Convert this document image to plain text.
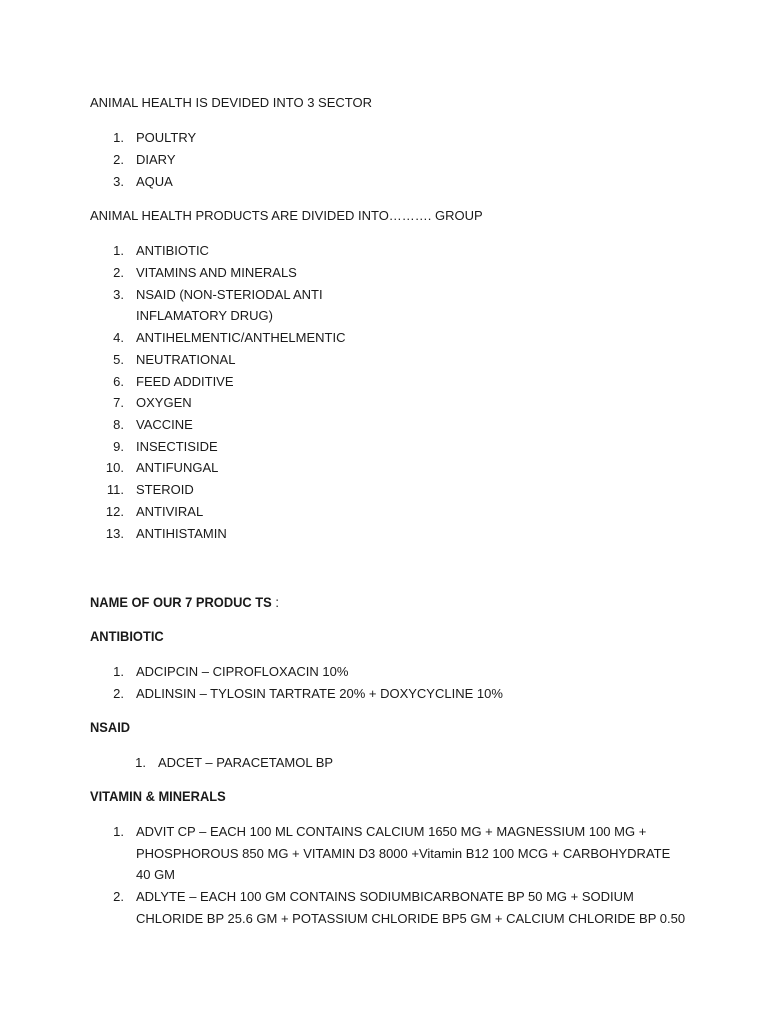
ANIMAL HEALTH IS DEVIDED INTO 3 SECTOR
1. POULTRY
2. DIARY
3. AQUA
ANIMAL HEALTH PRODUCTS ARE DIVIDED INTO………. GROUP
1. ANTIBIOTIC
2. VITAMINS AND MINERALS
3. NSAID (NON-STERIODAL ANTI
INFLAMATORY DRUG)
4. ANTIHELMENTIC/ANTHELMENTIC
5. NEUTRATIONAL
6. FEED ADDITIVE
7. OXYGEN
8. VACCINE
9. INSECTISIDE
10. ANTIFUNGAL
11. STEROID
12. ANTIVIRAL
13. ANTIHISTAMIN
NAME OF OUR 7 PRODUC TS :
ANTIBIOTIC
1. ADCIPCIN – CIPROFLOXACIN 10%
2. ADLINSIN – TYLOSIN TARTRATE 20% + DOXYCYCLINE 10%
NSAID
1. ADCET – PARACETAMOL BP
VITAMIN & MINERALS
1. ADVIT CP – EACH 100 ML CONTAINS CALCIUM 1650 MG + MAGNESSIUM 100 MG +
PHOSPHOROUS 850 MG + VITAMIN D3 8000 +Vitamin B12 100 MCG + CARBOHYDRATE
40 GM
2. ADLYTE – EACH 100 GM CONTAINS SODIUMBICARBONATE BP 50 MG + SODIUM
CHLORIDE BP 25.6 GM + POTASSIUM CHLORIDE BP5 GM + CALCIUM CHLORIDE BP 0.50
